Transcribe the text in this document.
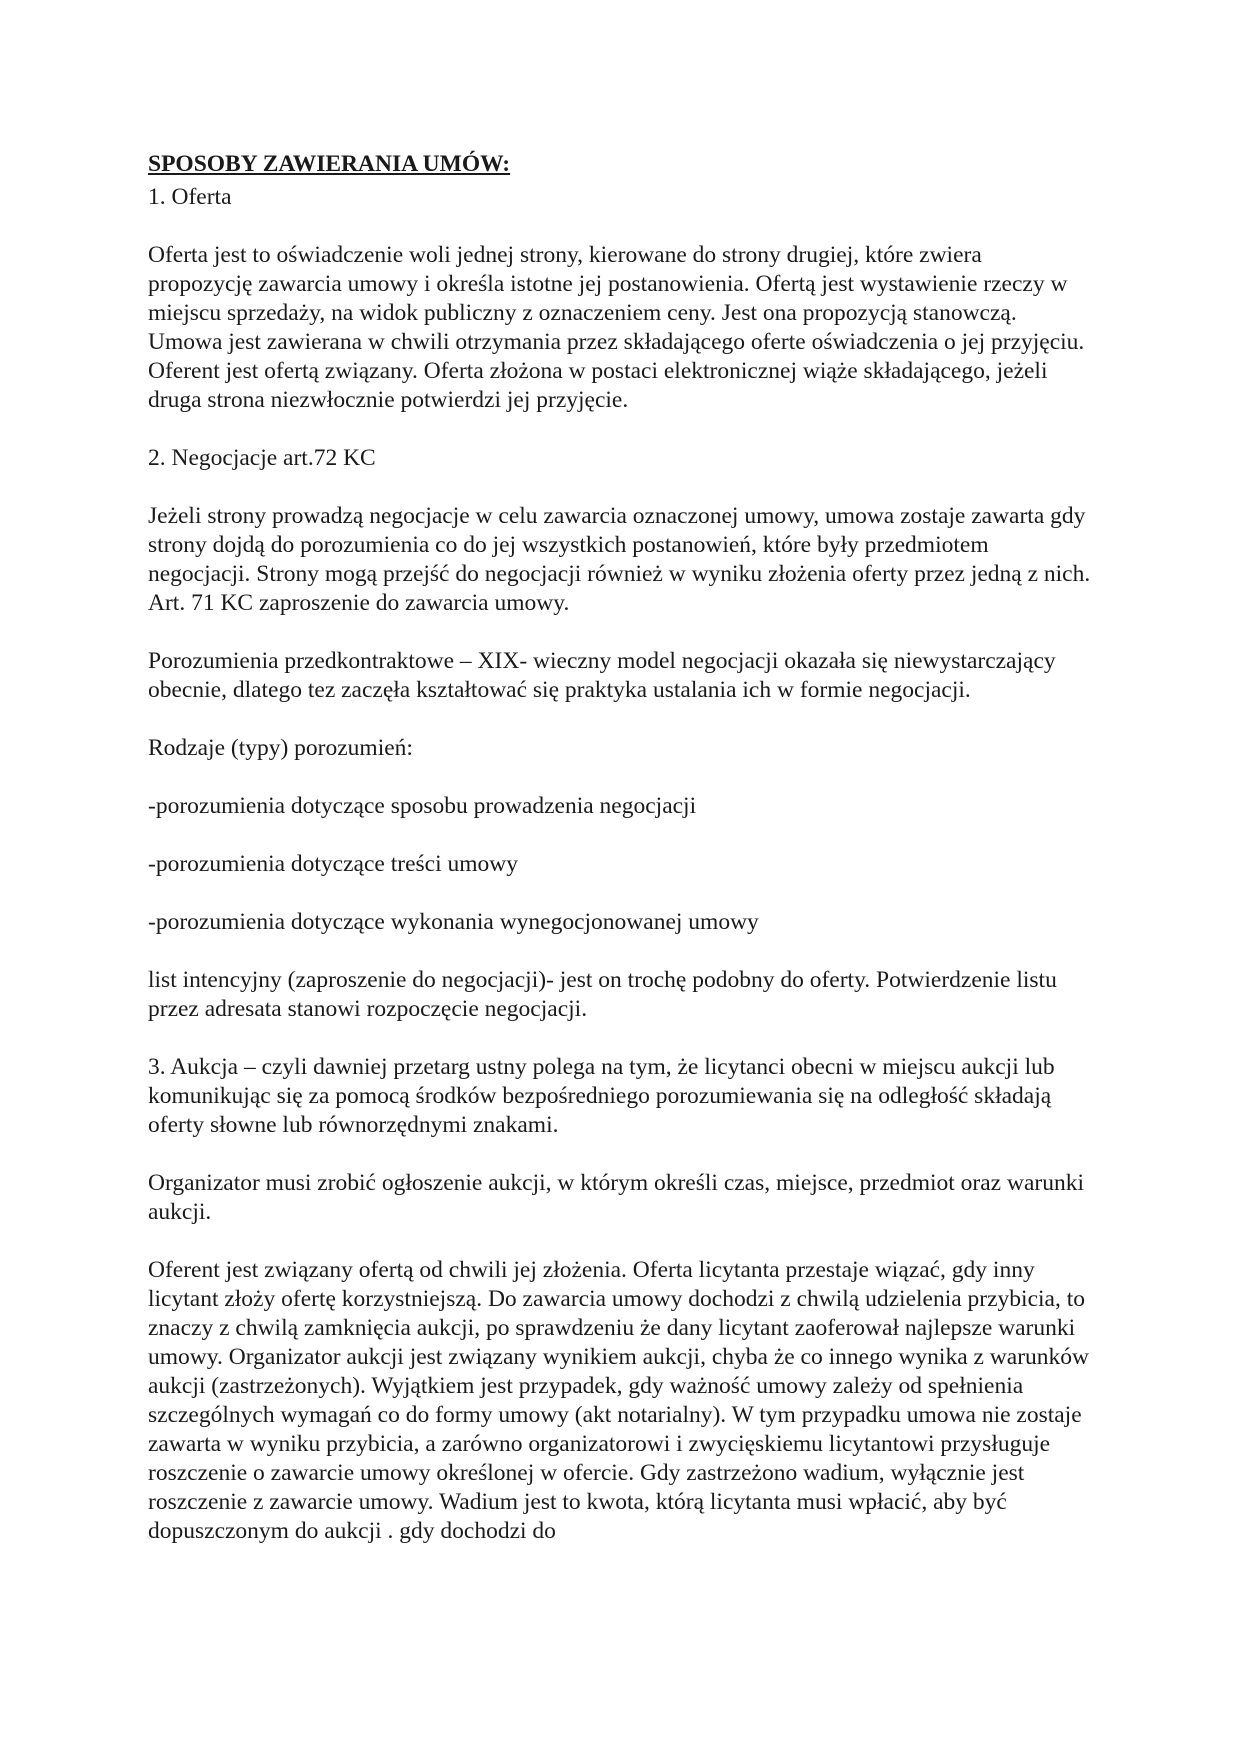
SPOSOBY ZAWIERANIA UMÓW:

1. Oferta

Oferta jest to oświadczenie woli jednej strony, kierowane do strony drugiej, które zwiera propozycję zawarcia umowy i określa istotne jej postanowienia. Ofertą jest wystawienie rzeczy w miejscu sprzedaży, na widok publiczny z oznaczeniem ceny. Jest ona propozycją stanowczą. Umowa jest zawierana w chwili otrzymania przez składającego oferte oświadczenia o jej przyjęciu. Oferent jest ofertą związany. Oferta złożona w postaci elektronicznej wiąże składającego, jeżeli druga strona niezwłocznie potwierdzi jej przyjęcie.

2. Negocjacje art.72 KC

Jeżeli strony prowadzą negocjacje w celu zawarcia oznaczonej umowy, umowa zostaje zawarta gdy strony dojdą do porozumienia co do jej wszystkich postanowień, które były przedmiotem negocjacji. Strony mogą przejść do negocjacji również w wyniku złożenia oferty przez jedną z nich. Art. 71 KC zaproszenie do zawarcia umowy.

Porozumienia przedkontraktowe – XIX- wieczny model negocjacji okazała się niewystarczający obecnie, dlatego tez zaczęła kształtować się praktyka ustalania ich w formie negocjacji.

Rodzaje (typy) porozumień:

-porozumienia dotyczące sposobu prowadzenia negocjacji

-porozumienia dotyczące treści umowy

-porozumienia dotyczące wykonania wynegocjonowanej umowy

list intencyjny (zaproszenie do negocjacji)- jest on trochę podobny do oferty. Potwierdzenie listu przez adresata stanowi rozpoczęcie negocjacji.

3. Aukcja – czyli dawniej przetarg ustny polega na tym, że licytanci obecni w miejscu aukcji lub komunikując się za pomocą środków bezpośredniego porozumiewania się na odległość składają oferty słowne lub równorzędnymi znakami.

Organizator musi zrobić ogłoszenie aukcji, w którym określi czas, miejsce, przedmiot oraz warunki aukcji.

Oferent jest związany ofertą od chwili jej złożenia. Oferta licytanta przestaje wiązać, gdy inny licytant złoży ofertę korzystniejszą. Do zawarcia umowy dochodzi z chwilą udzielenia przybicia, to znaczy z chwilą zamknięcia aukcji, po sprawdzeniu że dany licytant zaoferował najlepsze warunki umowy. Organizator aukcji jest związany wynikiem aukcji, chyba że co innego wynika z warunków aukcji (zastrzeżonych). Wyjątkiem jest przypadek, gdy ważność umowy zależy od spełnienia szczególnych wymagań co do formy umowy (akt notarialny). W tym przypadku umowa nie zostaje zawarta w wyniku przybicia, a zarówno organizatorowi i zwycięskiemu licytantowi przysługuje roszczenie o zawarcie umowy określonej w ofercie. Gdy zastrzeżono wadium, wyłącznie jest roszczenie z zawarcie umowy. Wadium jest to kwota, którą licytanta musi wpłacić, aby być dopuszczonym do aukcji . gdy dochodzi do
